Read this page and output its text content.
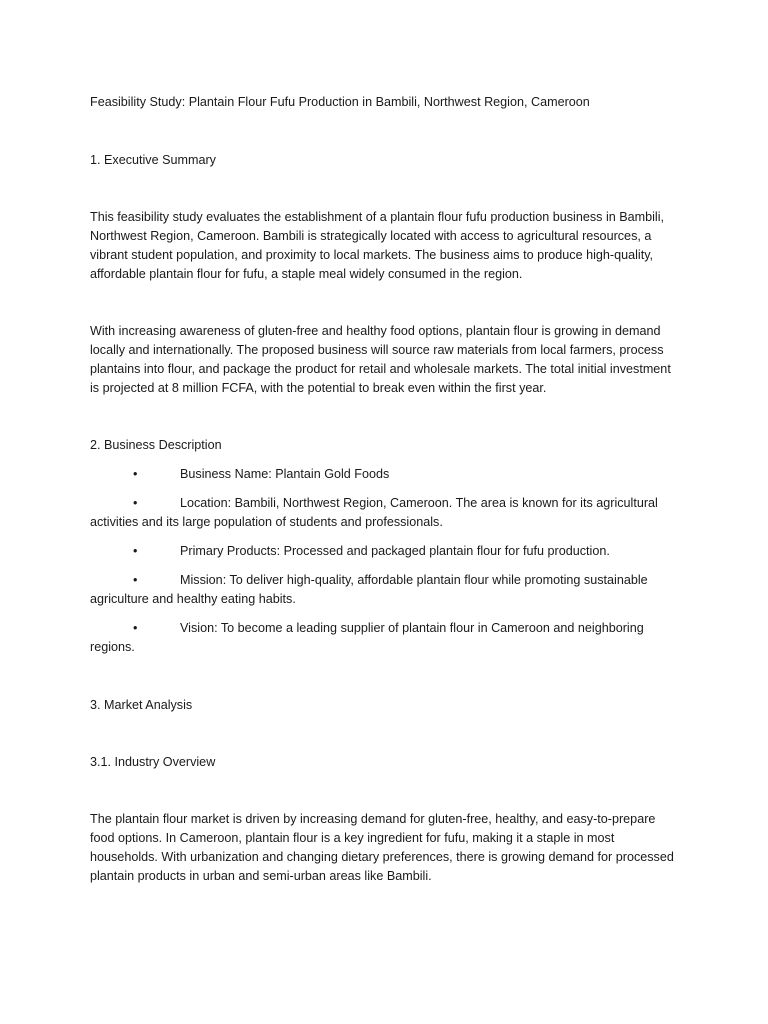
Feasibility Study: Plantain Flour Fufu Production in Bambili, Northwest Region, Cameroon

1. Executive Summary

This feasibility study evaluates the establishment of a plantain flour fufu production business in Bambili, Northwest Region, Cameroon. Bambili is strategically located with access to agricultural resources, a vibrant student population, and proximity to local markets. The business aims to produce high-quality, affordable plantain flour for fufu, a staple meal widely consumed in the region.

With increasing awareness of gluten-free and healthy food options, plantain flour is growing in demand locally and internationally. The proposed business will source raw materials from local farmers, process plantains into flour, and package the product for retail and wholesale markets. The total initial investment is projected at 8 million FCFA, with the potential to break even within the first year.

2. Business Description

•	Business Name: Plantain Gold Foods

•	Location: Bambili, Northwest Region, Cameroon. The area is known for its agricultural activities and its large population of students and professionals.

•	Primary Products: Processed and packaged plantain flour for fufu production.

•	Mission: To deliver high-quality, affordable plantain flour while promoting sustainable agriculture and healthy eating habits.

•	Vision: To become a leading supplier of plantain flour in Cameroon and neighboring regions.

3. Market Analysis

3.1. Industry Overview

The plantain flour market is driven by increasing demand for gluten-free, healthy, and easy-to-prepare food options. In Cameroon, plantain flour is a key ingredient for fufu, making it a staple in most households. With urbanization and changing dietary preferences, there is growing demand for processed plantain products in urban and semi-urban areas like Bambili.
